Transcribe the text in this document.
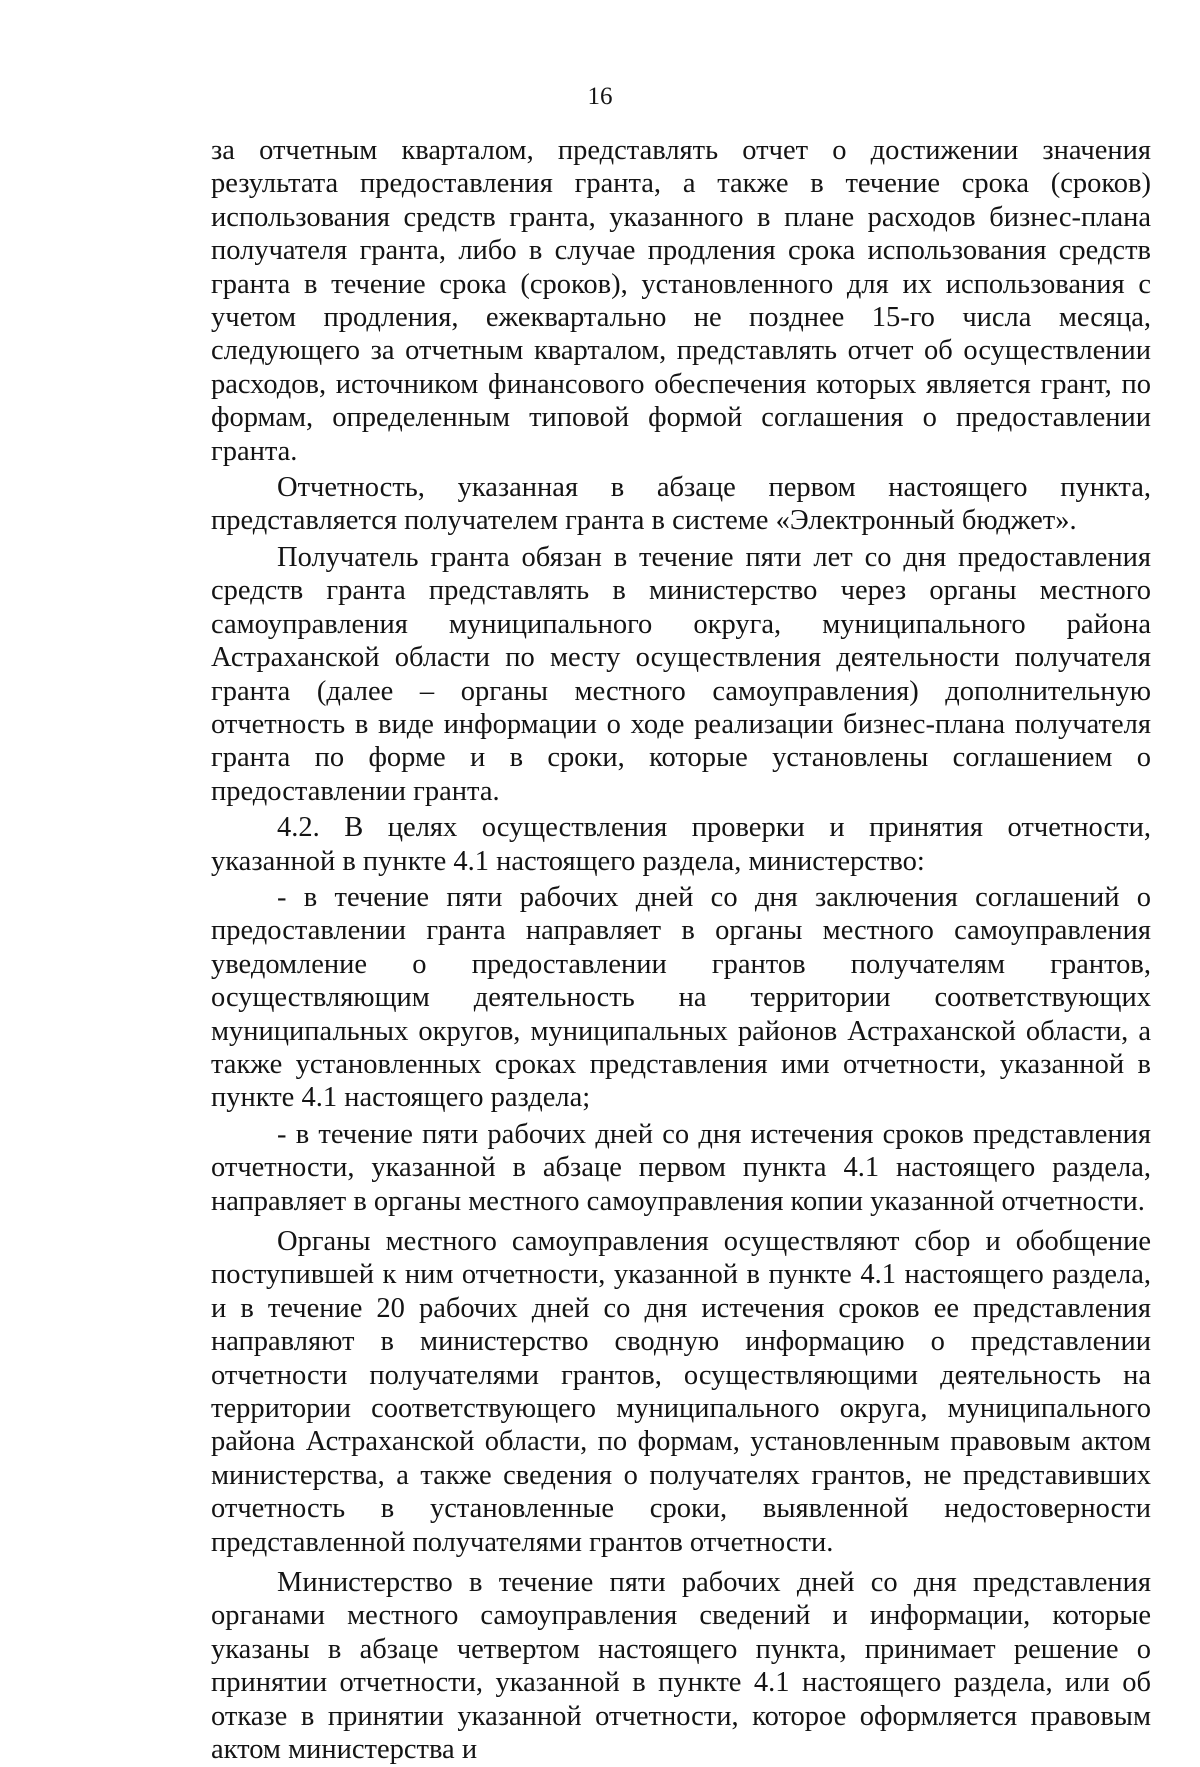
16

за отчетным кварталом, представлять отчет о достижении значения результата предоставления гранта, а также в течение срока (сроков) использования средств гранта, указанного в плане расходов бизнес-плана получателя гранта, либо в случае продления срока использования средств гранта в течение срока (сроков), установленного для их использования с учетом продления, ежеквартально не позднее 15-го числа месяца, следующего за отчетным кварталом, представлять отчет об осуществлении расходов, источником финансового обеспечения которых является грант, по формам, определенным типовой формой соглашения о предоставлении гранта.

Отчетность, указанная в абзаце первом настоящего пункта, представляется получателем гранта в системе «Электронный бюджет».

Получатель гранта обязан в течение пяти лет со дня предоставления средств гранта представлять в министерство через органы местного самоуправления муниципального округа, муниципального района Астраханской области по месту осуществления деятельности получателя гранта (далее – органы местного самоуправления) дополнительную отчетность в виде информации о ходе реализации бизнес-плана получателя гранта по форме и в сроки, которые установлены соглашением о предоставлении гранта.

4.2. В целях осуществления проверки и принятия отчетности, указанной в пункте 4.1 настоящего раздела, министерство:

- в течение пяти рабочих дней со дня заключения соглашений о предоставлении гранта направляет в органы местного самоуправления уведомление о предоставлении грантов получателям грантов, осуществляющим деятельность на территории соответствующих муниципальных округов, муниципальных районов Астраханской области, а также установленных сроках представления ими отчетности, указанной в пункте 4.1 настоящего раздела;

- в течение пяти рабочих дней со дня истечения сроков представления отчетности, указанной в абзаце первом пункта 4.1 настоящего раздела, направляет в органы местного самоуправления копии указанной отчетности.

Органы местного самоуправления осуществляют сбор и обобщение поступившей к ним отчетности, указанной в пункте 4.1 настоящего раздела, и в течение 20 рабочих дней со дня истечения сроков ее представления направляют в министерство сводную информацию о представлении отчетности получателями грантов, осуществляющими деятельность на территории соответствующего муниципального округа, муниципального района Астраханской области, по формам, установленным правовым актом министерства, а также сведения о получателях грантов, не представивших отчетность в установленные сроки, выявленной недостоверности представленной получателями грантов отчетности.

Министерство в течение пяти рабочих дней со дня представления органами местного самоуправления сведений и информации, которые указаны в абзаце четвертом настоящего пункта, принимает решение о принятии отчетности, указанной в пункте 4.1 настоящего раздела, или об отказе в принятии указанной отчетности, которое оформляется правовым актом министерства и
